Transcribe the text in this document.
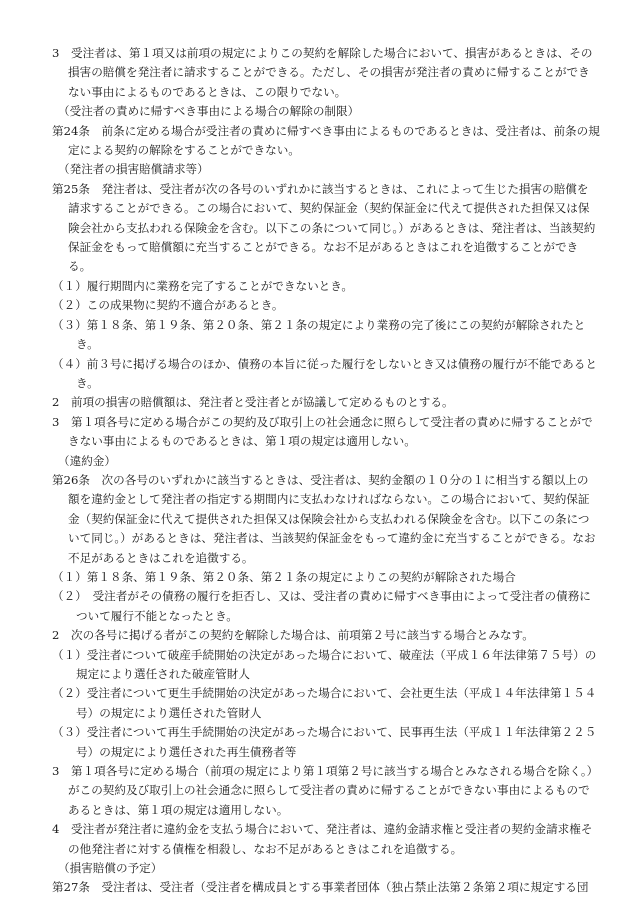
3　受注者は、第１項又は前項の規定によりこの契約を解除した場合において、損害があるときは、その損害の賠償を発注者に請求することができる。ただし、その損害が発注者の責めに帰することができない事由によるものであるときは、この限りでない。

（受注者の責めに帰すべき事由による場合の解除の制限）

第24条　前条に定める場合が受注者の責めに帰すべき事由によるものであるときは、受注者は、前条の規定による契約の解除をすることができない。

（発注者の損害賠償請求等）

第25条　発注者は、受注者が次の各号のいずれかに該当するときは、これによって生じた損害の賠償を請求することができる。この場合において、契約保証金（契約保証金に代えて提供された担保又は保険会社から支払われる保険金を含む。以下この条について同じ。）があるときは、発注者は、当該契約保証金をもって賠償額に充当することができる。なお不足があるときはこれを追徴することができる。

（１）履行期間内に業務を完了することができないとき。

（２）この成果物に契約不適合があるとき。

（３）第１８条、第１９条、第２０条、第２１条の規定により業務の完了後にこの契約が解除されたとき。

（４）前３号に掲げる場合のほか、債務の本旨に従った履行をしないとき又は債務の履行が不能であるとき。

2　前項の損害の賠償額は、発注者と受注者とが協議して定めるものとする。

3　第１項各号に定める場合がこの契約及び取引上の社会通念に照らして受注者の責めに帰することができない事由によるものであるときは、第１項の規定は適用しない。

（違約金）

第26条　次の各号のいずれかに該当するときは、受注者は、契約金額の１０分の１に相当する額以上の額を違約金として発注者の指定する期間内に支払わなければならない。この場合において、契約保証金（契約保証金に代えて提供された担保又は保険会社から支払われる保険金を含む。以下この条について同じ。）があるときは、発注者は、当該契約保証金をもって違約金に充当することができる。なお不足があるときはこれを追徴する。

（１）第１８条、第１９条、第２０条、第２１条の規定によりこの契約が解除された場合

（２）　受注者がその債務の履行を拒否し、又は、受注者の責めに帰すべき事由によって受注者の債務について履行不能となったとき。

2　次の各号に掲げる者がこの契約を解除した場合は、前項第２号に該当する場合とみなす。

（１）受注者について破産手続開始の決定があった場合において、破産法（平成１６年法律第７５号）の規定により選任された破産管財人

（２）受注者について更生手続開始の決定があった場合において、会社更生法（平成１４年法律第１５４号）の規定により選任された管財人

（３）受注者について再生手続開始の決定があった場合において、民事再生法（平成１１年法律第２２５号）の規定により選任された再生債務者等

3　第１項各号に定める場合（前項の規定により第１項第２号に該当する場合とみなされる場合を除く。）がこの契約及び取引上の社会通念に照らして受注者の責めに帰することができない事由によるものであるときは、第１項の規定は適用しない。

4　受注者が発注者に違約金を支払う場合において、発注者は、違約金請求権と受注者の契約金請求権その他発注者に対する債権を相殺し、なお不足があるときはこれを追徴する。

（損害賠償の予定）

第27条　受注者は、受注者（受注者を構成員とする事業者団体（独占禁止法第２条第２項に規定する団
